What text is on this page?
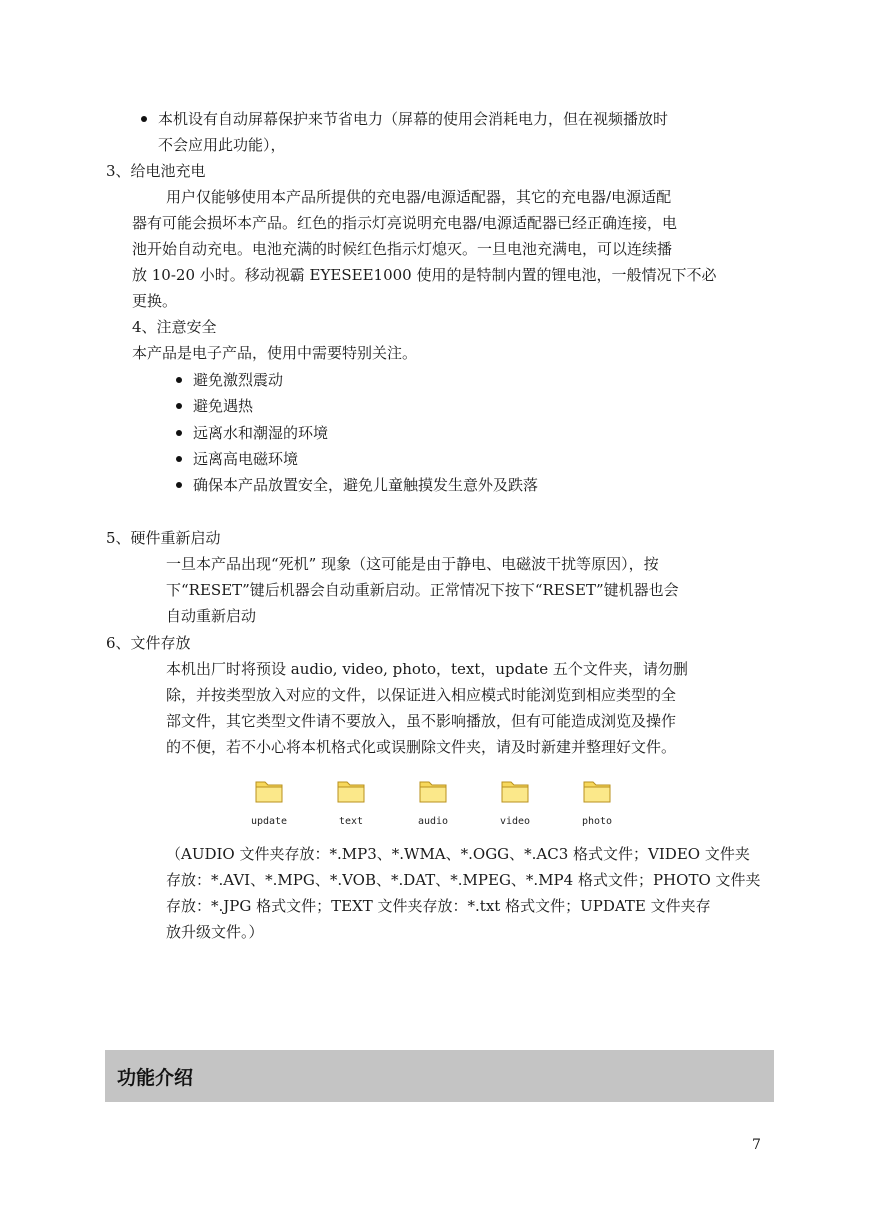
本机设有自动屏幕保护来节省电力（屏幕的使用会消耗电力，但在视频播放时
不会应用此功能），
3、给电池充电
用户仅能够使用本产品所提供的充电器/电源适配器，其它的充电器/电源适配
器有可能会损坏本产品。红色的指示灯亮说明充电器/电源适配器已经正确连接，电
池开始自动充电。电池充满的时候红色指示灯熄灭。一旦电池充满电，可以连续播
放 10-20 小时。移动视霸 EYESEE1000 使用的是特制内置的锂电池，一般情况下不必
更换。
4、注意安全
本产品是电子产品，使用中需要特别关注。
避免激烈震动
避免遇热
远离水和潮湿的环境
远离高电磁环境
确保本产品放置安全，避免儿童触摸发生意外及跌落
5、硬件重新启动
一旦本产品出现“死机” 现象（这可能是由于静电、电磁波干扰等原因），按
下“RESET”键后机器会自动重新启动。正常情况下按下“RESET”键机器也会
自动重新启动
6、文件存放
本机出厂时将预设 audio, video, photo，text，update 五个文件夹，请勿删
除，并按类型放入对应的文件，以保证进入相应模式时能浏览到相应类型的全
部文件，其它类型文件请不要放入，虽不影响播放，但有可能造成浏览及操作
的不便，若不小心将本机格式化或误删除文件夹，请及时新建并整理好文件。
update	text	audio	video	photo
（AUDIO 文件夹存放：*.MP3、*.WMA、*.OGG、*.AC3 格式文件；VIDEO 文件夹
存放：*.AVI、*.MPG、*.VOB、*.DAT、*.MPEG、*.MP4 格式文件；PHOTO 文件夹
存放：*.JPG 格式文件；TEXT 文件夹存放：*.txt 格式文件；UPDATE 文件夹存
放升级文件。）
功能介绍
7
